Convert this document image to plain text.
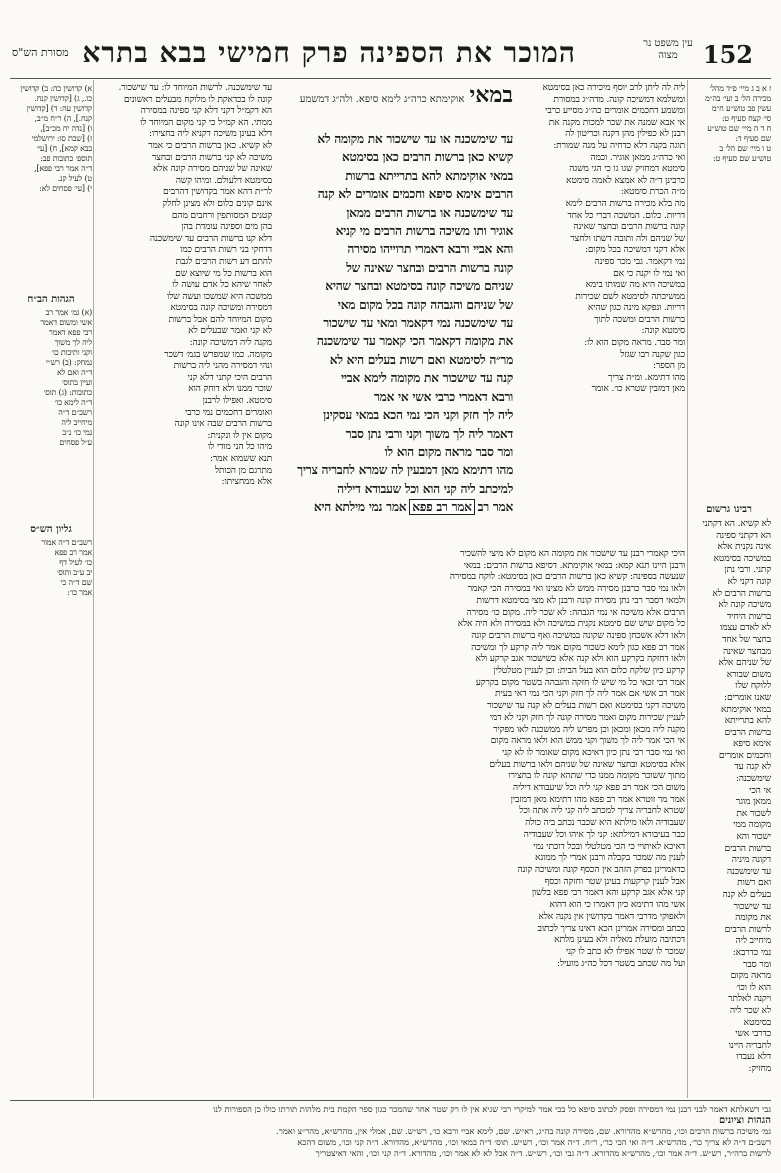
152
המוכר את הספינה פרק חמישי בבא בתרא	עין משפט נר מצוה
מסורת הש"ס
ז א ב ג מיי׳ פ״ד מהל׳
מכירה הל׳ ב ועי׳ בה״מ
עשין פב טוש״ע ח״מ
סי׳ קצח סעיף ט:
ח ד ה מיי׳ שם טוש״ע
שם סעיף ד:
ט ו מיי׳ שם הל׳ ב
טוש״ע שם סעיף ט:
במאי אוקימתא כרה״ג לימא סיפא. ולה״ג דמשמע
עד שימשכנה או עד שישכור את מקומה לא
קשיא כאן ברשות הרבים כאן בסימטא
במאי אוקימתא להא בתרייתא ברשות
הרבים אימא סיפא וחכמים אומרים לא קנה
עד שימשכנה או ברשות הרבים ממאן
אוגיר ותו משיכה ברשות הרבים מי קניא
והא אביי ורבא דאמרי תרוייהו מסירה
קונה ברשות הרבים ובחצר שאינה של
שניהם משיכה קונה בסימטא ובחצר שהיא
של שניהם והגבהה קונה בכל מקום מאי
עד שימשכנה נמי דקאמר ומאי עד שישכור
את מקומה דקאמר הכי קאמר עד שימשכנה
מר״ה לסימטא ואם רשות בעלים היא לא
קנה עד שישכור את מקומה לימא אביי
ורבא דאמרי כרבי אשי אי אמר
ליה לך חזק וקני הכי נמי הכא במאי עסקינן
דאמר ליה לך משוך וקני ורבי נתן סבר
ומר סבר מראה מקום הוא לו
מהו דתימא מאן דמבעין לה שמרא לחבריה צריך
למיכתב ליה קני הוא וכל שעבודא דיליה
אמר רב אמר רב פפא אמר נמי מילתא היא
ליה לה ליתן לרב יוסף מיכירה כאן בסימטא
ומשלמא דמשיכה קונה. מדה׳׳ג במסורת
ומשמע דחכמים אומרים כה׳׳ג מסייע כרבי
אי אבא שמנה את שכר למכות מקנה את
רבנן לא כפילין מהן דקנה וכריטון לה
תוגה בקנה דלא כדחיה על מנה שמורת:
ואי כרה״ג ממאן אוגיר. וכמה
סימטא דמחזיק שגו גו כי הגי משגה
כרבינן ד״ה לא אמצא לאמה סימטא
מ״ה הכרת סימטא:
מה בלא מכירה ברשות הרבים לימא
דריות. כלום. המשכה דברי כל אחד
קונה ברשות הרבים ובחצר שאינה
של שניהם ולה ותובה דשתו ולחצר
אלא דקני דמשיכה בכל מקום:
נמי דקאמר. גבי מכר ספינה
ואי נמי לו יקנה כי אם
במשיכה היא מה שמותו בימא
ממשיכתה לסימטא לשם שכירות
דריות. ונפקא מינה כגון שהיא
ברשות הרבים ומשכה לתוך
סימטא קונה:
ומר סבר. מראה מקום הוא לו:
כגון שקנה רבו שגזל
מן הספר:
מהו דתימא. ומ״ה צריך
מאן דמזבין שטרא כו׳. אומר
רבינו גרשום
לא קשיא. הא דקתני
הא דקתני ספינה
אינה נקנית אלא
במשיכה בסימטא
קתני. ורבי נתן
קונה דקני לא
ברשות הרבים לא
משיכה קונה לא
ברשות היחיד
לא לאדם עצמו
בחצר של אחד
מבחצר שאינה
של שניהם אלא
משום שבורא
ללוקח שלו
שאנו אומרים:
במאי אוקימתא
להא בתרייתא
ברשות הרבים
אימא סיפא
וחכמים אומרים
לא קנה עד
שימשכנה:
אי הכי
ממאן מוגר
לשכור את
מקומה ממי
ישכור והא
ברשות הרבים
דקונה מיניה
עד שימשכנה
ואם רשות
בעלים לא קנה
עד שישכור
את מקומה
לרשות הרבים
מיחייב ליה
נמי כדרבא:
ומר סבר
מראה מקום
הוא לו וכו׳
ויקנה לאלתר
לא שכר ליה
בסימטא
כדרבי אשי
לחבריה היינו
דלא נעבדו
מחזיק:
עד שימשכנה. לרשות המיוחד לו: עד שישכור.
קונה לו בכדאקת לו מלוקח מבעלים ראשונים
הא דקמ״ל דקני דלא קני ספינה במסירה
ממתי. הא קמ״ל כי קני מקום המיוחד לו
דלא בעינן משיכה דקניא ליה בחצירו:
לא קשיא. כאן ברשות הרבים כי אמר
משיכה לא קני ברשות הרבים ובחצר
שאינה של שניהם מסירה קונה אלא
בסימטא דלעולם. ומיהו קשה
לר״ת דהא אמר בקדושין דהרבים
אינם קונים כלום ולא מצינן לחלק
קטנים המסותפין ורחבים מהם
בהן מים וספינה עומדת בהן
דלא קנו ברשות הרבים עד שימשכנה
דדחקי בני רשות הרבים כמו
להתם דע רשות הרבים לגבת
הוא ברשות כל מי שיוצא שם
לאחר שיהא כל אדם עושה לו
ממשכה היא שמשכו ועשה שלו
דמסירה ומשיכה קונה בסימטא
מקום המיוחד להם אבל ברשות
לא קני ואמר שבעלים לא
מקנה ליה דמשיכה קונה:
מקומה. כמו שמפרש בגמ׳ דשכר
ונהי דמסירה מהני ליה ברשות
הרבים היכי קתני דלא קני
שוכר ממנו ולא דוחק הוא
סימטא. ואפילו לרבנן
ואומרים דחכמים נמי כרבי
ברשות הרבים שבה אינו קונה
מקום אין לו ונקנית:
מיהו כל הני מודי לו
תנא ששמוא אמר:
מתרגם מן הכותל
אלא ממחציתו:
א) קדושין כה: ב) קדושין
כו., ג) [קדושין קנח.
קדושין עה: ד) [קדושין
קנח.], ה) ר״ח מ״ב,
ו) [נדה יח מכ״ב],
ז) [שבת סו: ירושלמי
בבא קמא], ח) [עי׳
תוספ׳ כתובות פב:
ד״ה אמר רבי פפא],
ט) לעיל קנ.
י) [עי׳ פסחים לא:
הגהות הב״ח
(א) גמ׳ אמר רב
אשי ומשום דאמר
רבי פפא דאמר
ליה לך משוך
וקני ותיבות כו׳
נמחק: (ב) רש״י
ד״ה ואם לא
ועיין בתוס׳
כתובות: (ג) תוס׳
ד״ה לימא כו׳
רשב״ם ד״ה
מיחייב ליה
נמי כו׳ נ״ב
ע״ל פסחים
גליון הש״ס
רשב״ם ד״ה אמור
אמר רב פפא
כו׳ לעיל דף
יב ע״ב ותוס׳
שם ד״ה כי
אמר כו׳:
היכי קאמרי רבנן עד שישכור את מקומה הא מקום לא מיצי להשכיר
ורבנן היינו תנא קמא: במאי אוקימתא. דסיפא ברשות הרבים: במאי
שנעשה בספינה: קשיא כאן ברשות הרבים כאן בסימטא: לוקח במסירה
ולאו נמי סבר כרבנן מסירה ממש לא מצינו ואי במסירה הכי קאמר
ולמאי דסבר רבי נתן מסירה קונה ורבנן לא מצי בסימטא דרשות
הרבים אלא משיכה אי נמי הגבהה: לא שכר ליה. מקום כו׳ מסירה
כל מקום שיש שם סימטא נקנית במשיכה ולא במסירה ולא היה אלא
ולאו דלא אשכחן ספינה שקונה במשיכה ואף ברשות הרבים קונה
אמר רב פפא כגון לימא כשכור מקום אמר ליה קרקע לך ומשיכה
ולאו דחזקה בקרקע הוא ולא קנה אלא כשישכור אגב קרקע ולא
קרקע כיון שלקח כלום הוא בעל הבית: וכן לעניין מטלטלין
אמר רבי זכאי כל מי שיש לו חזקה והגבהה בשטר מקום בקרקע
אמר רב אשי אם אמר ליה לך חזק וקני הכי נמי דאי בעית
משיכה דקני בסימטא ואם רשות בעלים לא קנה עד שישכור
לעניין שכירות מקום ואמר מסירה קונה לך חזק וקני לא דמי
מקנה ליה מכאן ומכאן וכן מפרש ליה ממשכנה לאו מפקיר
אי הכי אמר ליה לך משוך וקני ממש הוא ולאו מראה מקום
ואי נמי סבר רבי נתן כיון דאיכא מקום שאומר לו לא קני
אלא בסימטא ובחצר שאינה של שניהם ולאו ברשות בעלים
מתוך ששוכר מקומה ממנו כדי שתהא קונה לו בחצירו
משום הכי אמר רב פפא קני ליה וכל שיעבודא דיליה
אמר מר זוטרא אמר רב פפא מהו דתימא מאן דמזבין
שטרא לחבריה צריך למכתב ליה קני ליה אתה וכל
שעבודיה ולאו מילתא היא שכבר נכתב ביה כולה
כבר בעיבורא דמילתא: קני לך איהו וכל שעבודיה
דאיכא לאיתויי כי הכי מטלטלי ובכל דוכתי נמי
לענין מה שמכר בקבלה ורבנן אמרי לך ממונא
כדאמרינן בפרק הזהב אין הכסף קונה ומשיכה קונה
אבל לענין קרקעות בעינן שטר וחזקה וכסף
קני אלא אגב קרקע והא דאמר רבי פפא בלשון
אשי מהו דתימא כיון דאמרו כי הוא דהוא
ולאפוקי מדרבי דאמר בקדושין אין נקנה אלא
בכתב ומסירה אמרינן הכא דאינו צריך לכתוב
דכתיבה מועלת מאליה ולא בעינן מלתא
שמכר לו שטר אפילו לא כתב לו קני
ועל מה שכתב בשטר דכל כה״ג מועיל:
גבי דשאלתא דאמר לבני רבנן נמי דמסירה ופסק לכתוב סיפא כל בכי אמר למיקרי רבי שגיא אין לו רק שטר אחר שהמכר כגון ספר הקמת בית מלהות תורתו כולו כן הספורות לנו
הגהות וציונים
גמ׳ משיכה ברשות הרבים וכו׳, מהרש״א מהדורא. שם, מסירה קונה בה״ג, רא״ש. שם, לימא אביי ורבא כו׳, רש״ש. שם, אמלי אין, מהרש״א, מהר״צ ואמר.
רשב״ם ד״ה לא צריך כר׳, מהרש״א. ד״ה ואי הכי כר׳, ר״ח. ד״ה אמר וכו׳, רש״ש. תוס׳ ד״ה במאי וכו׳, מהרש״א, מהדורא. ד״ה קני וכו׳, משום דהכא
לרשות ברה״ר, רש״ש. ד״ה אמר וכו׳, מהרש״א מהדורא. ד״ה גבי וכו׳, רש״ש. ד״ה אבל לא לא אמר וכו׳, מהדורא. ד״ה קני וכו׳, והאי דאיצטריך
